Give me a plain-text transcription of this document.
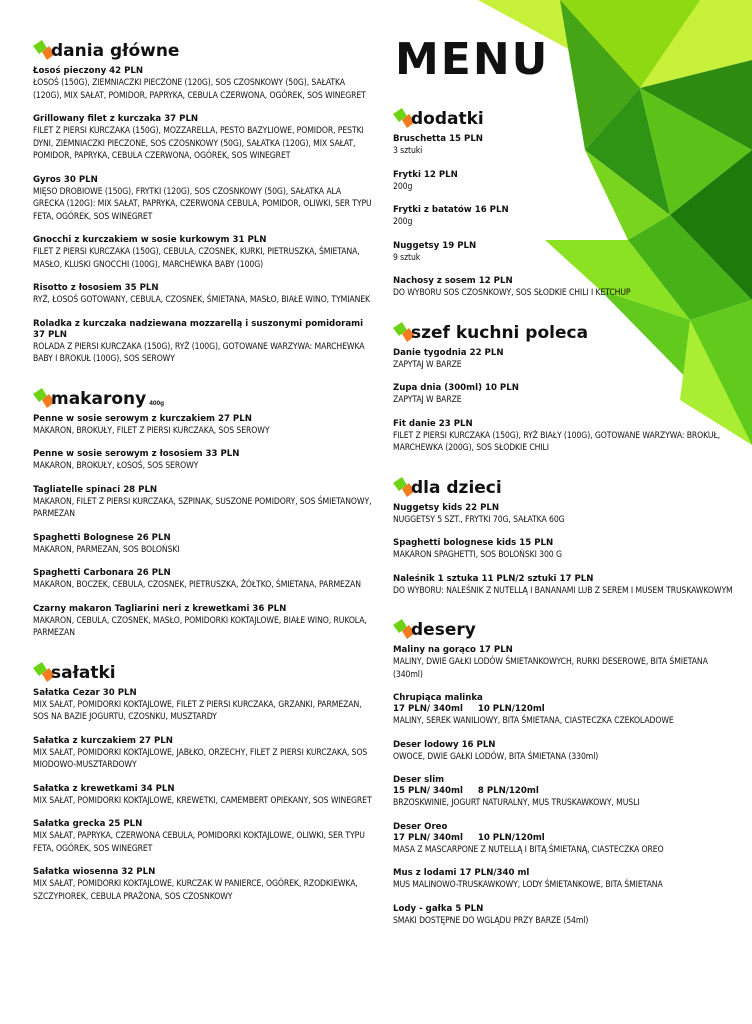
dania główne
Łosoś pieczony 42 PLN
ŁOSOŚ (150G), ZIEMNIACZKI PIECZONE (120G), SOS CZOSNKOWY (50G), SAŁATKA (120G), MIX SAŁAT, POMIDOR, PAPRYKA, CEBULA CZERWONA, OGÓREK, SOS WINEGRET
Grillowany filet z kurczaka 37 PLN
FILET Z PIERSI KURCZAKA (150G), MOZZARELLA, PESTO BAZYLIOWE, POMIDOR, PESTKI DYNI, ZIEMNIACZKI PIECZONE, SOS CZOSNKOWY (50G), SAŁATKA (120G), MIX SAŁAT, POMIDOR, PAPRYKA, CEBULA CZERWONA, OGÓREK, SOS WINEGRET
Gyros 30 PLN
MIĘSO DROBIOWE (150G), FRYTKI (120G), SOS CZOSNKOWY (50G), SAŁATKA ALA GRECKA (120G): MIX SAŁAT, PAPRYKA, CZERWONA CEBULA, POMIDOR, OLIWKI, SER TYPU FETA, OGÓREK, SOS WINEGRET
Gnocchi z kurczakiem w sosie kurkowym 31 PLN
FILET Z PIERSI KURCZAKA (150G), CEBULA, CZOSNEK, KURKI, PIETRUSZKA, ŚMIETANA, MASŁO, KLUSKI GNOCCHI (100G), MARCHEWKA BABY (100G)
Risotto z łososiem 35 PLN
RYŻ, ŁOSOŚ GOTOWANY, CEBULA, CZOSNEK, ŚMIETANA, MASŁO, BIAŁE WINO, TYMIANEK
Roladka z kurczaka nadziewana mozzarellą i suszonymi pomidorami 37 PLN
ROLADA Z PIERSI KURCZAKA (150G), RYŻ (100G), GOTOWANE WARZYWA: MARCHEWKA BABY I BROKUŁ (100G), SOS SEROWY
makarony 400g
Penne w sosie serowym z kurczakiem 27 PLN
MAKARON, BROKUŁY, FILET Z PIERSI KURCZAKA, SOS SEROWY
Penne w sosie serowym z łososiem 33 PLN
MAKARON, BROKUŁY, ŁOSOŚ, SOS SEROWY
Tagliatelle spinaci 28 PLN
MAKARON, FILET Z PIERSI KURCZAKA, SZPINAK, SUSZONE POMIDORY, SOS ŚMIETANOWY, PARMEZAN
Spaghetti Bolognese 26 PLN
MAKARON, PARMEZAN, SOS BOLOŃSKI
Spaghetti Carbonara 26 PLN
MAKARON, BOCZEK, CEBULA, CZOSNEK, PIETRUSZKA, ŻÓŁTKO, ŚMIETANA, PARMEZAN
Czarny makaron Tagliarini neri z krewetkami 36 PLN
MAKARON, CEBULA, CZOSNEK, MASŁO, POMIDORKI KOKTAJLOWE, BIAŁE WINO, RUKOLA, PARMEZAN
sałatki
Sałatka Cezar 30 PLN
MIX SAŁAT, POMIDORKI KOKTAJLOWE, FILET Z PIERSI KURCZAKA, GRZANKI, PARMEZAN, SOS NA BAZIE JOGURTU, CZOSNKU, MUSZTARDY
Sałatka z kurczakiem 27 PLN
MIX SAŁAT, POMIDORKI KOKTAJLOWE, JABŁKO, ORZECHY, FILET Z PIERSI KURCZAKA, SOS MIODOWO-MUSZTARDOWY
Sałatka z krewetkami 34 PLN
MIX SAŁAT, POMIDORKI KOKTAJLOWE, KREWETKI, CAMEMBERT OPIEKANY, SOS WINEGRET
Sałatka grecka 25 PLN
MIX SAŁAT, PAPRYKA, CZERWONA CEBULA, POMIDORKI KOKTAJLOWE, OLIWKI, SER TYPU FETA, OGÓREK, SOS WINEGRET
Sałatka wiosenna 32 PLN
MIX SAŁAT, POMIDORKI KOKTAJLOWE, KURCZAK W PANIERCE, OGÓREK, RZODKIEWKA, SZCZYPIOREK, CEBULA PRAŻONA, SOS CZOSNKOWY
MENU
dodatki
Bruschetta 15 PLN
3 sztuki
Frytki 12 PLN
200g
Frytki z batatów 16 PLN
200g
Nuggetsy 19 PLN
9 sztuk
Nachosy z sosem 12 PLN
DO WYBORU SOS CZOSNKOWY, SOS SŁODKIE CHILI I KETCHUP
szef kuchni poleca
Danie tygodnia 22 PLN
ZAPYTAJ W BARZE
Zupa dnia (300ml) 10 PLN
ZAPYTAJ W BARZE
Fit danie 23 PLN
FILET Z PIERSI KURCZAKA (150G), RYŻ BIAŁY (100G), GOTOWANE WARZYWA: BROKUŁ, MARCHEWKA (200G), SOS SŁODKIE CHILI
dla dzieci
Nuggetsy kids 22 PLN
NUGGETSY 5 SZT., FRYTKI 70G, SAŁATKA 60G
Spaghetti bolognese kids 15 PLN
MAKARON SPAGHETTI, SOS BOLOŃSKI 300 G
Naleśnik 1 sztuka 11 PLN/2 sztuki 17 PLN
DO WYBORU: NALEŚNIK Z NUTELLĄ I BANANAMI LUB Z SEREM I MUSEM TRUSKAWKOWYM
desery
Maliny na gorąco 17 PLN
MALINY, DWIE GAŁKI LODÓW ŚMIETANKOWYCH, RURKI DESEROWE, BITA ŚMIETANA (340ml)
Chrupiąca malinka
17 PLN/ 340ml     10 PLN/120ml
MALINY, SEREK WANILIOWY, BITA ŚMIETANA, CIASTECZKA CZEKOLADOWE
Deser lodowy 16 PLN
OWOCE, DWIE GAŁKI LODÓW, BITA ŚMIETANA (330ml)
Deser slim
15 PLN/ 340ml     8 PLN/120ml
BRZOSKWINIE, JOGURT NATURALNY, MUS TRUSKAWKOWY, MUSLI
Deser Oreo
17 PLN/ 340ml     10 PLN/120ml
MASA Z MASCARPONE Z NUTELLĄ I BITĄ ŚMIETANĄ, CIASTECZKA OREO
Mus z lodami 17 PLN/340 ml
MUS MALINOWO-TRUSKAWKOWY, LODY ŚMIETANKOWE, BITA ŚMIETANA
Lody - gałka 5 PLN
SMAKI DOSTĘPNE DO WGLĄDU PRZY BARZE (54ml)
